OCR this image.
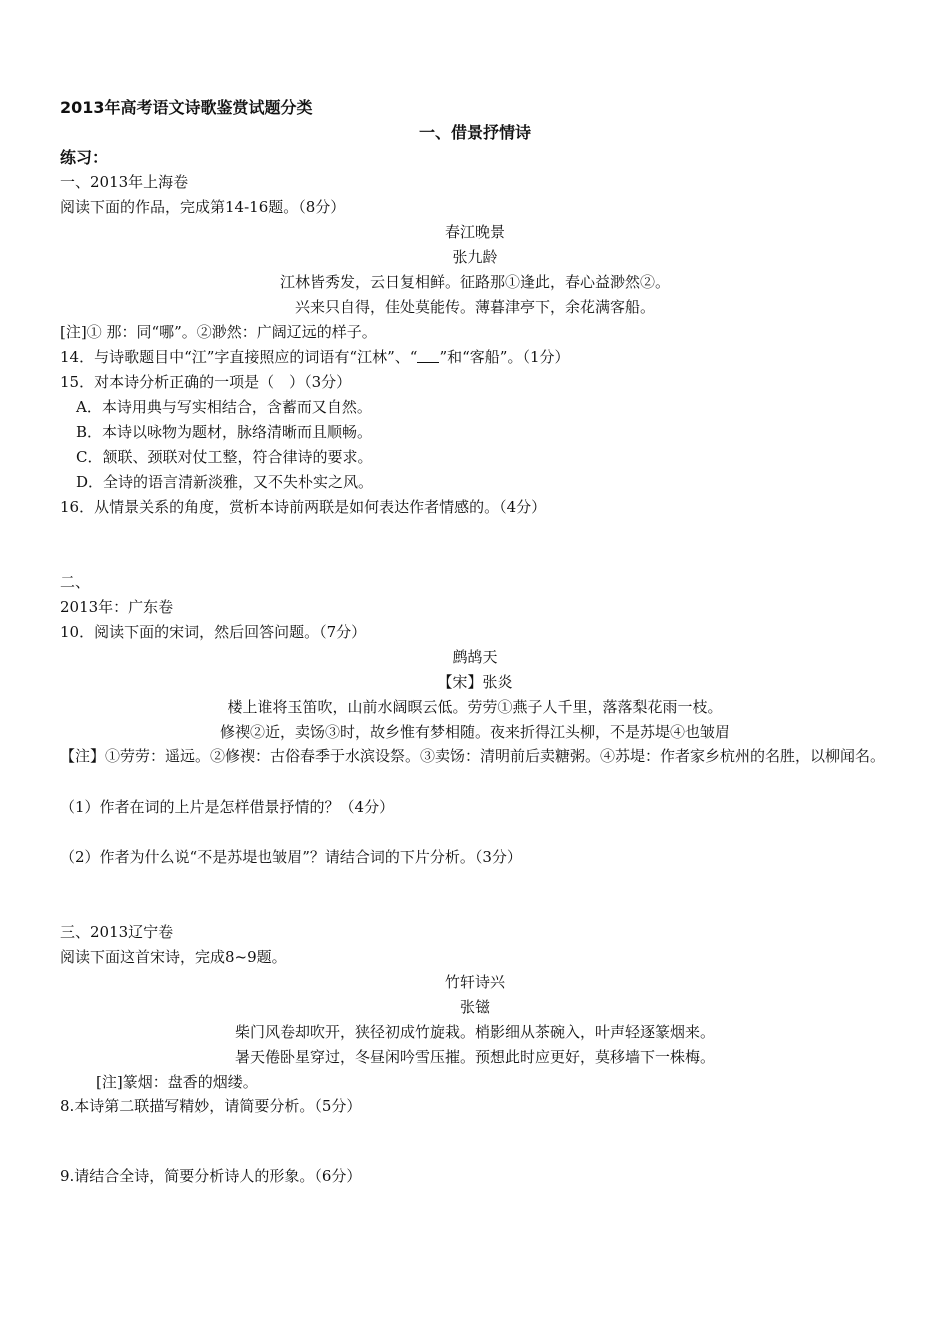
2013年高考语文诗歌鉴赏试题分类
一、借景抒情诗
练习：
一、2013年上海卷
阅读下面的作品，完成第14-16题。（8分）
春江晚景
张九龄
江林皆秀发，云日复相鲜。征路那①逢此，春心益渺然②。
兴来只自得，佳处莫能传。薄暮津亭下，余花满客船。
[注]① 那：同“哪”。②渺然：广阔辽远的样子。
14．与诗歌题目中“江”字直接照应的词语有“江林”、“ ”和“客船”。（1分）
15．对本诗分析正确的一项是（　）（3分）
A．本诗用典与写实相结合，含蓄而又自然。
B．本诗以咏物为题材，脉络清晰而且顺畅。
C．颔联、颈联对仗工整，符合律诗的要求。
D．全诗的语言清新淡雅，又不失朴实之风。
16．从情景关系的角度，赏析本诗前两联是如何表达作者情感的。（4分）
二、
2013年：广东卷
10．阅读下面的宋词，然后回答问题。（7分）
鹧鸪天
【宋】张炎
楼上谁将玉笛吹，山前水阔暝云低。劳劳①燕子人千里，落落梨花雨一枝。
修禊②近，卖饧③时，故乡惟有梦相随。夜来折得江头柳，不是苏堤④也皱眉
【注】①劳劳：遥远。②修禊：古俗春季于水滨设祭。③卖饧：清明前后卖糖粥。④苏堤：作者家乡杭州的名胜，以柳闻名。
（1）作者在词的上片是怎样借景抒情的？（4分）
（2）作者为什么说“不是苏堤也皱眉”？请结合词的下片分析。（3分）
三、2013辽宁卷
阅读下面这首宋诗，完成8~9题。
竹轩诗兴
张镃
柴门风卷却吹开，狭径初成竹旋栽。梢影细从茶碗入，叶声轻逐篆烟来。
暑天倦卧星穿过，冬昼闲吟雪压摧。预想此时应更好，莫移墙下一株梅。
[注]篆烟：盘香的烟缕。
8.本诗第二联描写精妙，请简要分析。（5分）
9.请结合全诗，简要分析诗人的形象。（6分）
